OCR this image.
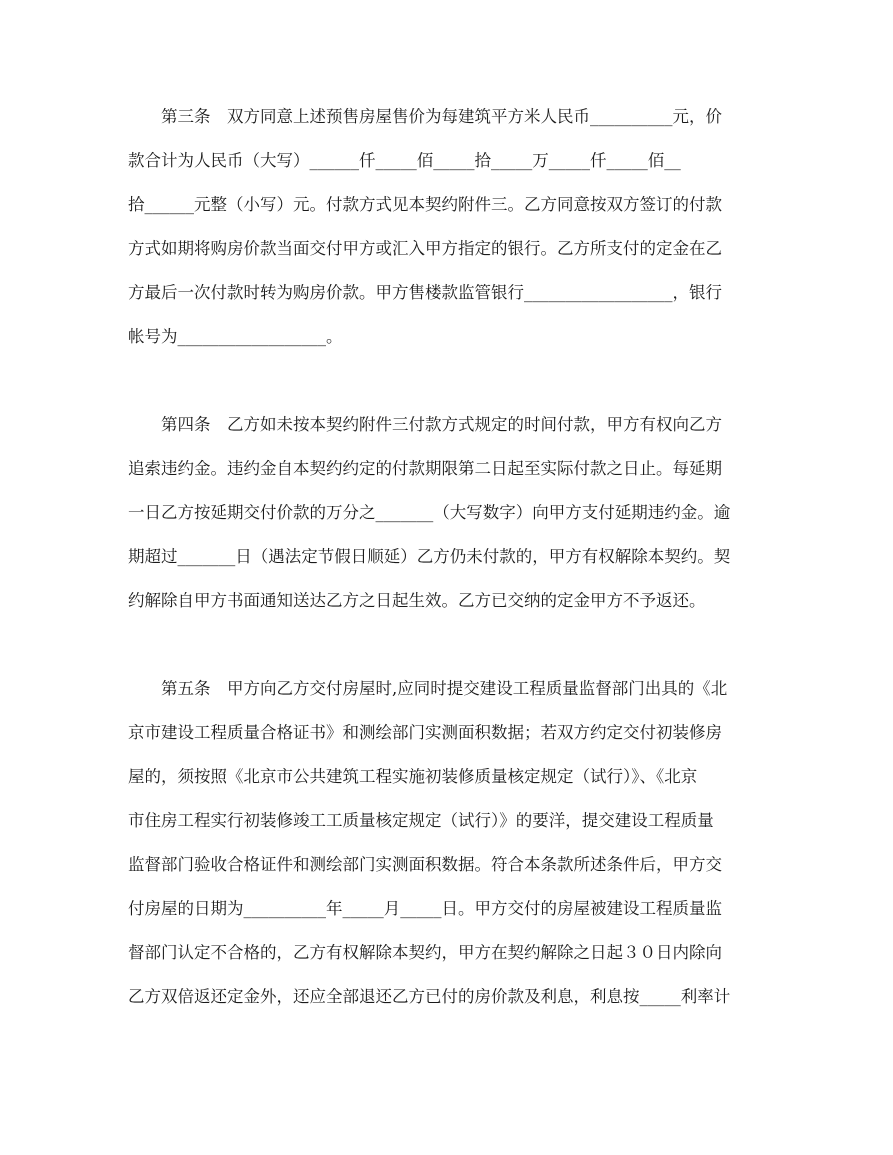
　　第三条　双方同意上述预售房屋售价为每建筑平方米人民币__________元，价
款合计为人民币（大写）______仟_____佰_____拾_____万_____仟_____佰__
拾______元整（小写）元。付款方式见本契约附件三。乙方同意按双方签订的付款
方式如期将购房价款当面交付甲方或汇入甲方指定的银行。乙方所支付的定金在乙
方最后一次付款时转为购房价款。甲方售楼款监管银行__________________，银行
帐号为__________________。
　　第四条　乙方如未按本契约附件三付款方式规定的时间付款，甲方有权向乙方
追索违约金。违约金自本契约约定的付款期限第二日起至实际付款之日止。每延期
一日乙方按延期交付价款的万分之_______（大写数字）向甲方支付延期违约金。逾
期超过_______日（遇法定节假日顺延）乙方仍未付款的，甲方有权解除本契约。契
约解除自甲方书面通知送达乙方之日起生效。乙方已交纳的定金甲方不予返还。
　　第五条　甲方向乙方交付房屋时,应同时提交建设工程质量监督部门出具的《北
京市建设工程质量合格证书》和测绘部门实测面积数据；若双方约定交付初装修房
屋的，须按照《北京市公共建筑工程实施初装修质量核定规定（试行）》、《北京
市住房工程实行初装修竣工工质量核定规定（试行）》的要洋，提交建设工程质量
监督部门验收合格证件和测绘部门实测面积数据。符合本条款所述条件后，甲方交
付房屋的日期为__________年_____月_____日。甲方交付的房屋被建设工程质量监
督部门认定不合格的，乙方有权解除本契约，甲方在契约解除之日起３０日内除向
乙方双倍返还定金外，还应全部退还乙方已付的房价款及利息，利息按_____利率计
